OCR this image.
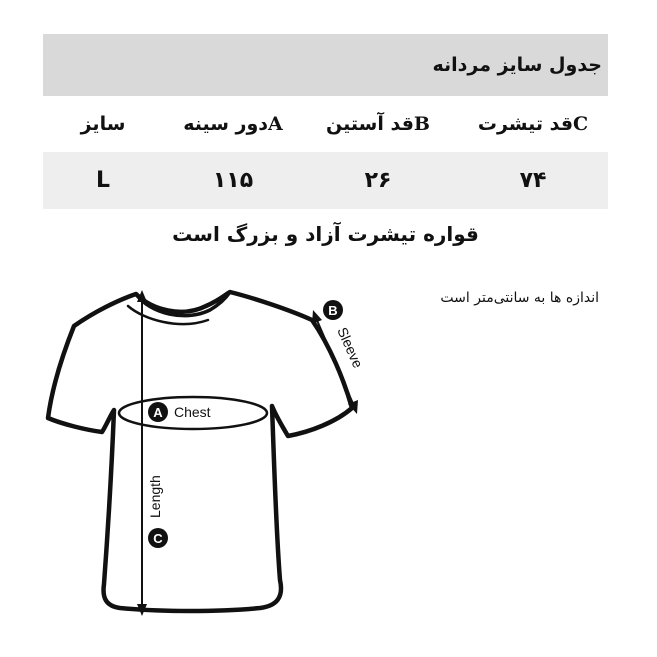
جدول سایز مردانه
C
قد تیشرت
B
قد آستین
A
دور سینه
سایز
۷۴
۲۶
۱۱۵
L
قواره تیشرت آزاد و بزرگ است
اندازه ها به سانتی‌متر است
A Chest
B
Sleeve
C
Length
